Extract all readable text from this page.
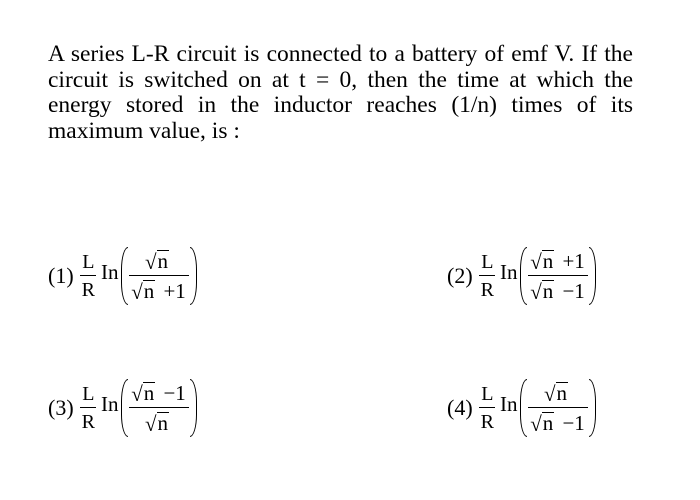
A series L-R circuit is connected to a battery of emf V. If the circuit is switched on at t = 0, then the time at which the energy stored in the inductor reaches (1/n) times of its maximum value, is :
$(1) \frac{L}{R}$ In $\frac{√ n}{√ n +1}$	$(2) \frac{L}{R}$ In $\frac{√ n +1}{√ n -1}$
$(3) \frac{L}{R}$ In $\frac{√ n -1}{√ n}$	$(4) \frac{L}{R}$ In $\frac{√ n}{√ n -1}$
